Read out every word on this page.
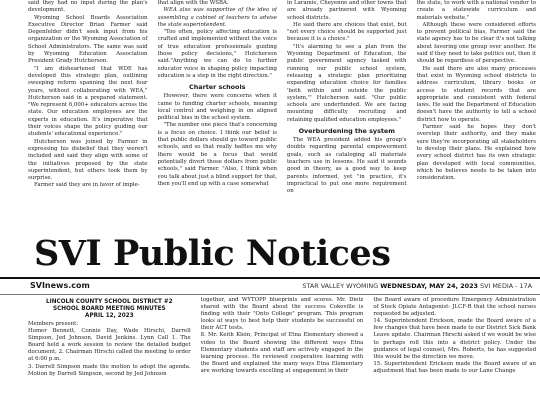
said they had no input during the plan's development.

Wyoming School Boards Association Executive Director Brian Farmer said Degenfelder didn't seek input from his organization or the Wyoming Association of School Administrators. The same was said by Wyoming Education Association President Grady Hutcherson.

"I am disheartened that WDE has developed this strategic plan, outlining sweeping reform spanning the next four years, without collaborating with WEA," Hutcherson said in a prepared statement. "We represent 6,000+ educators across the state. Our education employees are the experts in education. It's imperative that their voices shape the policy guiding our students' educational experience."

Hutcherson was joined by Farmer in expressing his disbelief that they weren't included and said they align with some of the initiatives proposed by the state superintendent, but others took them by surprise.

Farmer said they are in favor of imple-

that align with the WSBA.

WEA also was supportive of the idea of assembling a cabinet of teachers to advise the state superintendent.

"Too often, policy affecting education is crafted and implemented without the voice of true education professionals guiding those policy decisions," Hutcherson said."Anything we can do to further educator voice in shaping policy impacting education is a step in the right direction."

Charter schools

However, there were concerns when it came to funding charter schools, meaning local control and weighing in on aligned political bias in the school system.

"The number one piece that's concerning is a focus on choice. I think our belief is that public dollars should go toward public schools, and so that really baffles me why there would be a focus that would potentially divert those dollars from public schools," said Farmer. "Also, I think when you talk about just a blind support for that, then you'll end up with a case somewhat

in Laramie, Cheyenne and other towns that are already partnered with Wyoming school districts.

He said there are choices that exist, but "not every choice should be supported just because it is a choice."

"It's alarming to see a plan from the Wyoming Department of Education, the public government agency tasked with running our public school system, releasing a strategic plan prioritizing expanding education choice for families 'both within and outside the public system,'" Hutcherson said. "Our public schools are underfunded. We are facing mounting difficulty recruiting and retaining qualified education employees."

Overburdening the system

The WEA president added his group's doubts regarding parental empowerment goals, such as cataloging all materials teachers use in lessons. He said it sounds good in theory, as a good way to keep parents informed, yet "in practice, it's impractical to put one more requirement on

the state, to work with a national vendor to create a statewide curriculum and materials website."

Although these were considered efforts to prevent political bias, Farmer said the state agency has to be clear it's not talking about favoring one group over another. He said if they need to take politics out, then it should be regardless of perspective.

He said there are also many processes that exist in Wyoming school districts to address curriculum, library books or access to student records that are appropriate and consistent with federal laws. He said the Department of Education doesn't have the authority to tell a school district how to operate.

Farmer said he hopes they don't overstep their authority, and they make sure they're incorporating all stakeholders to develop their plans. He explained how every school district has its own strategic plan developed with local communities, which he believes needs to be taken into consideration.

SVI Public Notices
SVInews.com	STAR VALLEY WYOMING WEDNESDAY, MAY 24, 2023 SVI MEDIA - 17A
LINCOLN COUNTY SCHOOL DISTRICT #2
SCHOOL BOARD MEETING MINUTES
APRIL 12, 2023

Members present:

Homer Bennett, Connie Day, Wade Hirschi, Darrell Simpson, Jed Johnson, David Jenkins. Lynn Call 1. The Board held a work session to review the detailed budget document, 2. Chairman Hirschi called the meeting to order at 6:00 p.m.

3. Darrell Simpson made the motion to adopt the agenda. Motion by Darrell Simpson, second by Jed Johnson

together, and WYTOPP blueprints and scores. Mr. Dietz shared with the Board about the success Cokeville is finding with their "Onto College" program. This program looks at ways to best help their students be successful on their ACT tests.

8. Mr. Keith Klein, Principal of Etna Elementary showed a video to the Board showing the different ways Etna Elementary students and staff are actively engaged in the learning process. He reviewed cooperative learning with the Board and explained the many ways Etna Elementary are working towards excelling at engagement in their

the Board aware of procedure Emergency Administration of Stock Opiate Antagonist- JLCF-R that the school nurses requested be adjusted.

14. Superintendent Erickson, made the Board aware of a few changes that have been made to our District Sick Bank Leave update. Chairman Hirschi asked if we would be wise to perhaps roll this into a district policy. Under the guidance of legal counsel, Mrs. Roberts, he has suggested this would be the direction we move.

15. Superintendent Erickson made the Board aware of an adjustment that has been made to our Lane Change
